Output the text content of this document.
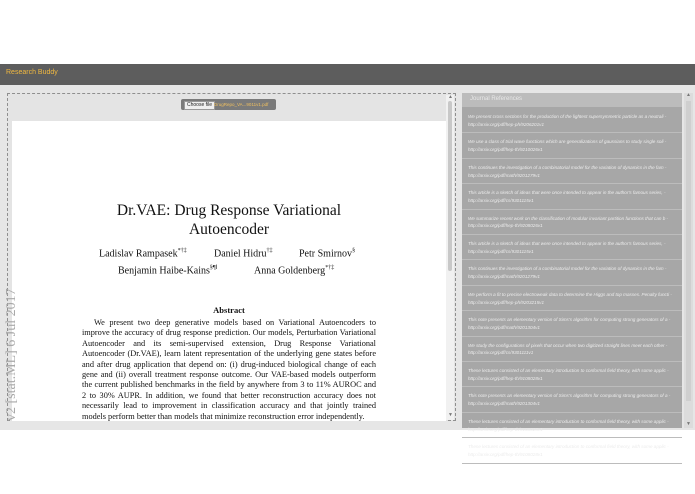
Research Buddy
Dr.VAE: Drug Response Variational
Autoencoder
Ladislav Rampasek*†‡	Daniel Hidru†‡	Petr Smirnov§
Benjamin Haibe-Kains§¶‖	Anna Goldenberg*†‡
Abstract
We present two deep generative models based on Variational Autoencoders to improve the accuracy of drug response prediction. Our models, Perturbation Variational Autoencoder and its semi-supervised extension, Drug Response Variational Autoencoder (Dr.VAE), learn latent representation of the underlying gene states before and after drug application that depend on: (i) drug-induced biological change of each gene and (ii) overall treatment response outcome. Our VAE-based models outperform the current published benchmarks in the field by anywhere from 3 to 11% AUROC and 2 to 30% AUPR. In addition, we found that better reconstruction accuracy does not necessarily lead to improvement in classification accuracy and that jointly trained models perform better than models that minimize reconstruction error independently.
v2 [stat.ML] 6 Jul 2017
Choose file DrugRepo_VA...9011v1.pdf
▲
▼
Journal References
We present cross sections for the production of the lightest supersymmetric particle as a neutrali - http://arxiv.org/pdf/hep-ph/9206201v1
We use a class of trial wave functions which are generalizations of gaussians to study single soli - http://arxiv.org/pdf/hep-th/9210026v1
This continues the investigation of a combinatorial model for the variation of dynamics in the fam - http://arxiv.org/pdf/math/9201279v1
This article is a sketch of ideas that were once intended to appear in the author's famous series, - http://arxiv.org/pdf/cs/9301115v1
We summarize recent work on the classification of modular invariant partition functions that can b - http://arxiv.org/pdf/hep-th/9208026v1
This article is a sketch of ideas that were once intended to appear in the author's famous series, - http://arxiv.org/pdf/cs/9301115v1
This continues the investigation of a combinatorial model for the variation of dynamics in the fam - http://arxiv.org/pdf/math/9201279v1
We perform a fit to precise electroweak data to determine the Higgs and top masses. Penalty functi - http://arxiv.org/pdf/hep-ph/9203215v1
This note presents an elementary version of Sims's algorithm for computing strong generators of a - http://arxiv.org/pdf/math/9201304v1
We study the configurations of pixels that occur when two digitized straight lines meet each other - http://arxiv.org/pdf/cs/9301111v1
These lectures consisted of an elementary introduction to conformal field theory, with some applic - http://arxiv.org/pdf/hep-th/9108028v1
This note presents an elementary version of Sims's algorithm for computing strong generators of a - http://arxiv.org/pdf/math/9201304v1
These lectures consisted of an elementary introduction to conformal field theory, with some applic - http://arxiv.org/pdf/hep-th/9108028v1
These lectures consisted of an elementary introduction to conformal field theory, with some applic - http://arxiv.org/pdf/hep-th/9108028v1
▲
▼
